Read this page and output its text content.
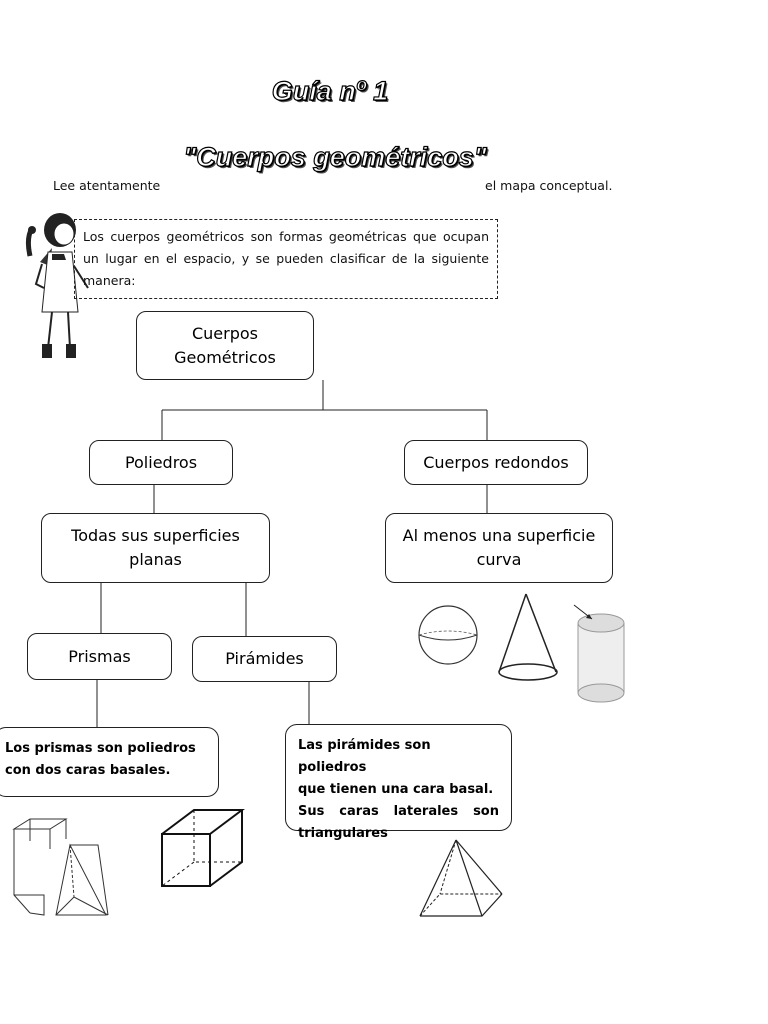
Guía nº 1
"Cuerpos geométricos"
Lee atentamente	el mapa conceptual.
Los cuerpos geométricos son formas geométricas que ocupan un lugar en el espacio, y se pueden clasificar de la siguiente manera:
Cuerpos Geométricos
Poliedros	Cuerpos redondos
Todas sus superficies planas
Al menos una superficie curva
Prismas	Pirámides
Los prismas son poliedros con dos caras basales.
Las pirámides son poliedros
que tienen una cara basal.
Sus caras laterales son
triangulares
